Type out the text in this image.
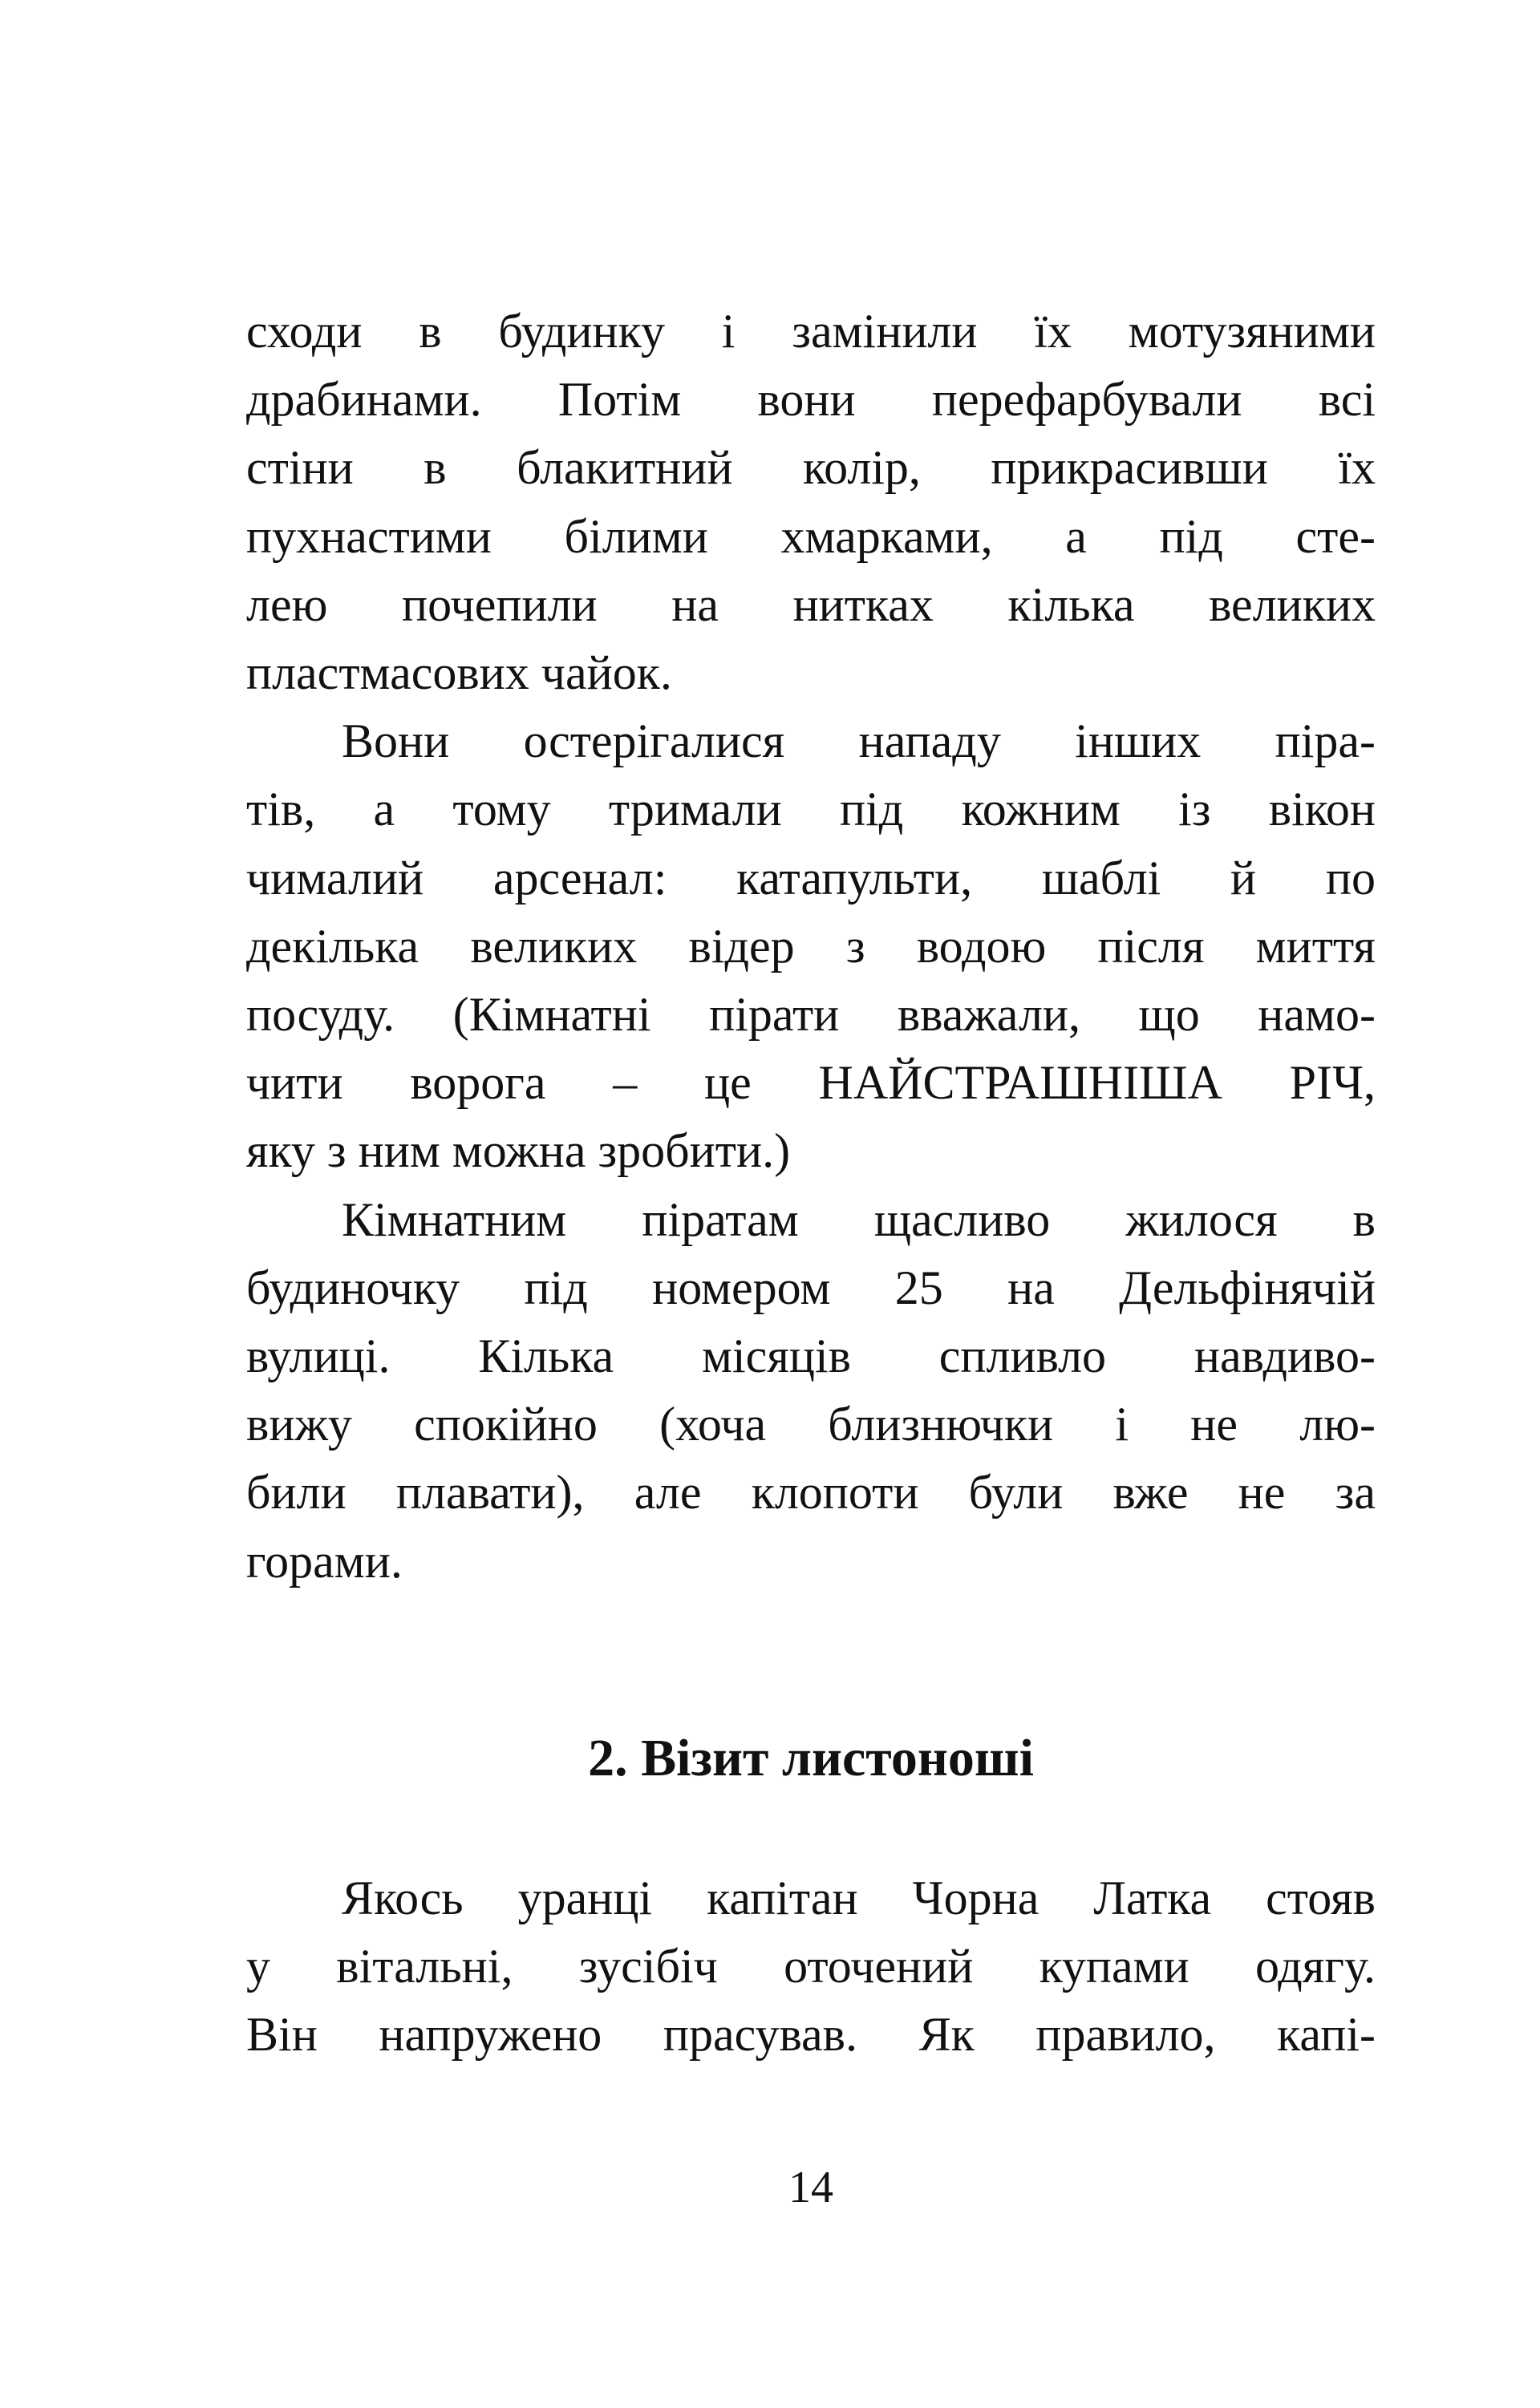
сходи в будинку і замінили їх мотузяними
драбинами. Потім вони перефарбували всі
стіни в блакитний колір, прикрасивши їх
пухнастими білими хмарками, а під сте-
лею почепили на нитках кілька великих
пластмасових чайок.
Вони остерігалися нападу інших піра-
тів, а тому тримали під кожним із вікон
чималий арсенал: катапульти, шаблі й по
декілька великих відер з водою після миття
посуду. (Кімнатні пірати вважали, що намо-
чити ворога – це НАЙСТРАШНІША РІЧ,
яку з ним можна зробити.)
Кімнатним піратам щасливо жилося в
будиночку під номером 25 на Дельфінячій
вулиці. Кілька місяців спливло навдиво-
вижу спокійно (хоча близнючки і не лю-
били плавати), але клопоти були вже не за
горами.
2. Візит листоноші
Якось уранці капітан Чорна Латка стояв
у вітальні, зусібіч оточений купами одягу.
Він напружено прасував. Як правило, капі-
14
